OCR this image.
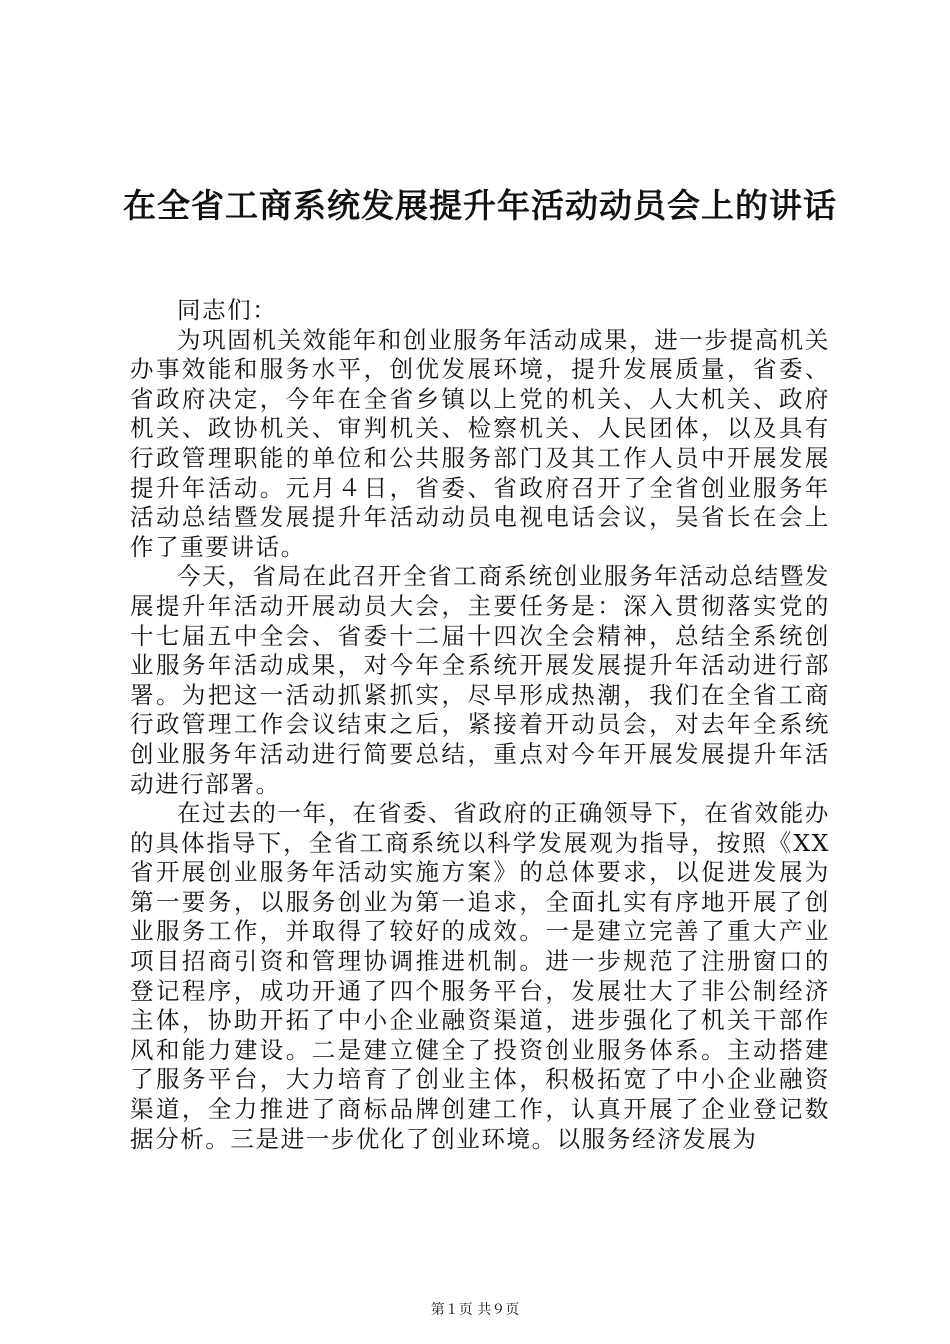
在全省工商系统发展提升年活动动员会上的讲话

同志们：

为巩固机关效能年和创业服务年活动成果，进一步提高机关办事效能和服务水平，创优发展环境，提升发展质量，省委、省政府决定，今年在全省乡镇以上党的机关、人大机关、政府机关、政协机关、审判机关、检察机关、人民团体，以及具有行政管理职能的单位和公共服务部门及其工作人员中开展发展提升年活动。元月４日，省委、省政府召开了全省创业服务年活动总结暨发展提升年活动动员电视电话会议，吴省长在会上作了重要讲话。

今天，省局在此召开全省工商系统创业服务年活动总结暨发展提升年活动开展动员大会，主要任务是：深入贯彻落实党的十七届五中全会、省委十二届十四次全会精神，总结全系统创业服务年活动成果，对今年全系统开展发展提升年活动进行部署。为把这一活动抓紧抓实，尽早形成热潮，我们在全省工商行政管理工作会议结束之后，紧接着开动员会，对去年全系统创业服务年活动进行简要总结，重点对今年开展发展提升年活动进行部署。

在过去的一年，在省委、省政府的正确领导下，在省效能办的具体指导下，全省工商系统以科学发展观为指导，按照《XX省开展创业服务年活动实施方案》的总体要求，以促进发展为第一要务，以服务创业为第一追求，全面扎实有序地开展了创业服务工作，并取得了较好的成效。一是建立完善了重大产业项目招商引资和管理协调推进机制。进一步规范了注册窗口的登记程序，成功开通了四个服务平台，发展壮大了非公制经济主体，协助开拓了中小企业融资渠道，进步强化了机关干部作风和能力建设。二是建立健全了投资创业服务体系。主动搭建了服务平台，大力培育了创业主体，积极拓宽了中小企业融资渠道，全力推进了商标品牌创建工作，认真开展了企业登记数据分析。三是进一步优化了创业环境。以服务经济发展为

第１页 共９页
